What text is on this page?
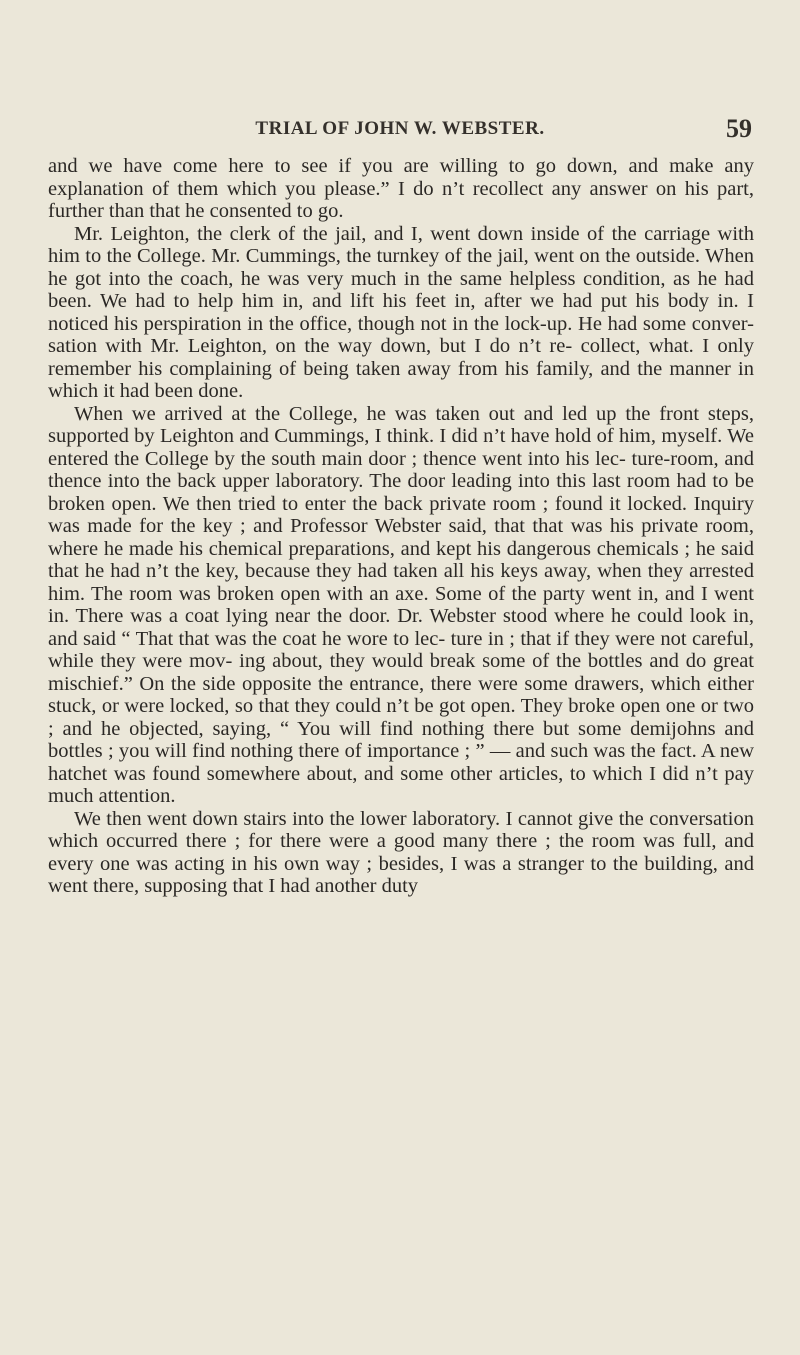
TRIAL OF JOHN W. WEBSTER.	59

and we have come here to see if you are willing to go down, and make any explanation of them which you please.” I do n’t recollect any answer on his part, further than that he consented to go.

Mr. Leighton, the clerk of the jail, and I, went down inside of the carriage with him to the College. Mr. Cummings, the turnkey of the jail, went on the outside. When he got into the coach, he was very much in the same helpless condition, as he had been. We had to help him in, and lift his feet in, after we had put his body in. I noticed his perspiration in the office, though not in the lock-up. He had some conver- sation with Mr. Leighton, on the way down, but I do n’t re- collect, what. I only remember his complaining of being taken away from his family, and the manner in which it had been done.

When we arrived at the College, he was taken out and led up the front steps, supported by Leighton and Cummings, I think. I did n’t have hold of him, myself. We entered the College by the south main door ; thence went into his lec- ture-room, and thence into the back upper laboratory. The door leading into this last room had to be broken open. We then tried to enter the back private room ; found it locked. Inquiry was made for the key ; and Professor Webster said, that that was his private room, where he made his chemical preparations, and kept his dangerous chemicals ; he said that he had n’t the key, because they had taken all his keys away, when they arrested him. The room was broken open with an axe. Some of the party went in, and I went in. There was a coat lying near the door. Dr. Webster stood where he could look in, and said “ That that was the coat he wore to lec- ture in ; that if they were not careful, while they were mov- ing about, they would break some of the bottles and do great mischief.” On the side opposite the entrance, there were some drawers, which either stuck, or were locked, so that they could n’t be got open. They broke open one or two ; and he objected, saying, “ You will find nothing there but some demijohns and bottles ; you will find nothing there of importance ; ” — and such was the fact. A new hatchet was found somewhere about, and some other articles, to which I did n’t pay much attention.

We then went down stairs into the lower laboratory. I cannot give the conversation which occurred there ; for there were a good many there ; the room was full, and every one was acting in his own way ; besides, I was a stranger to the building, and went there, supposing that I had another duty
